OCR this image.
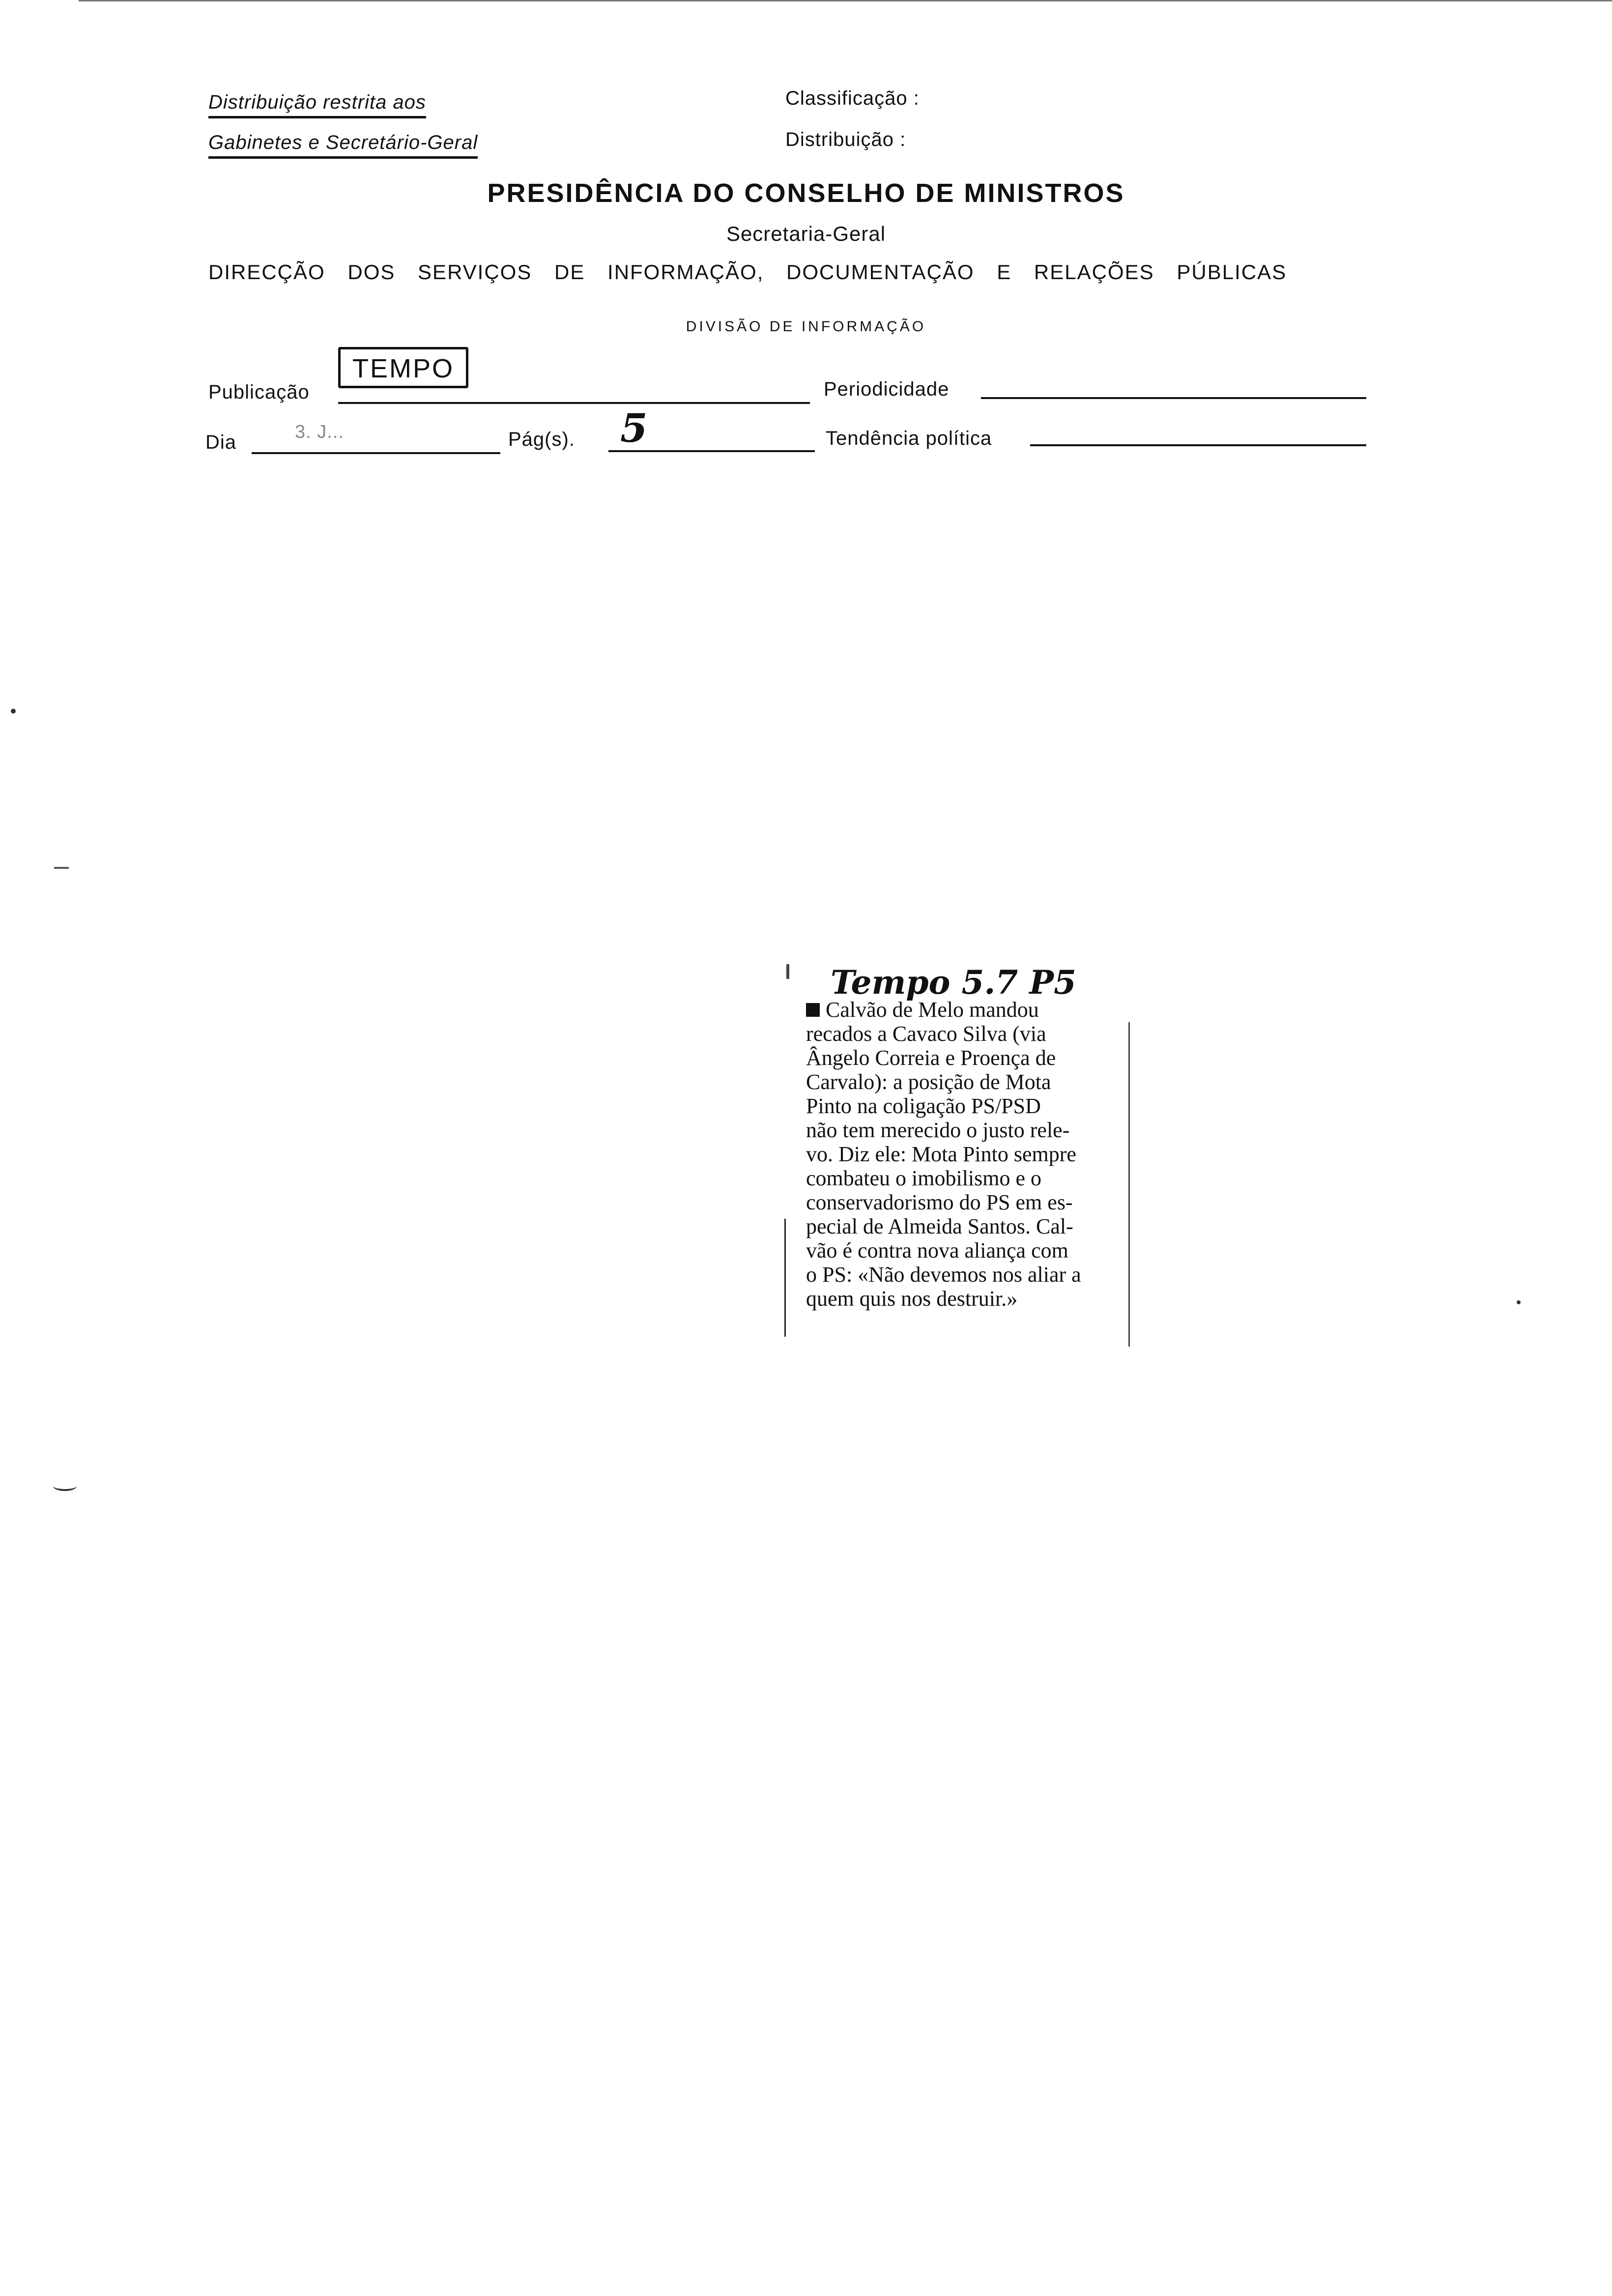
Distribuição restrita aos
Gabinetes e Secretário-Geral
Classificação :
Distribuição :
PRESIDÊNCIA DO CONSELHO DE MINISTROS
Secretaria-Geral
DIRECÇÃO DOS SERVIÇOS DE INFORMAÇÃO, DOCUMENTAÇÃO E RELAÇÕES PÚBLICAS
DIVISÃO DE INFORMAÇÃO
Publicação
TEMPO
Periodicidade
Dia	3. J...	Pág(s). 5	Tendência política
Tempo 5.7 P5
Calvão de Melo mandou
recados a Cavaco Silva (via
Ângelo Correia e Proença de
Carvalo): a posição de Mota
Pinto na coligação PS/PSD
não tem merecido o justo rele-
vo. Diz ele: Mota Pinto sempre
combateu o imobilismo e o
conservadorismo do PS em es-
pecial de Almeida Santos. Cal-
vão é contra nova aliança com
o PS: «Não devemos nos aliar a
quem quis nos destruir.»
